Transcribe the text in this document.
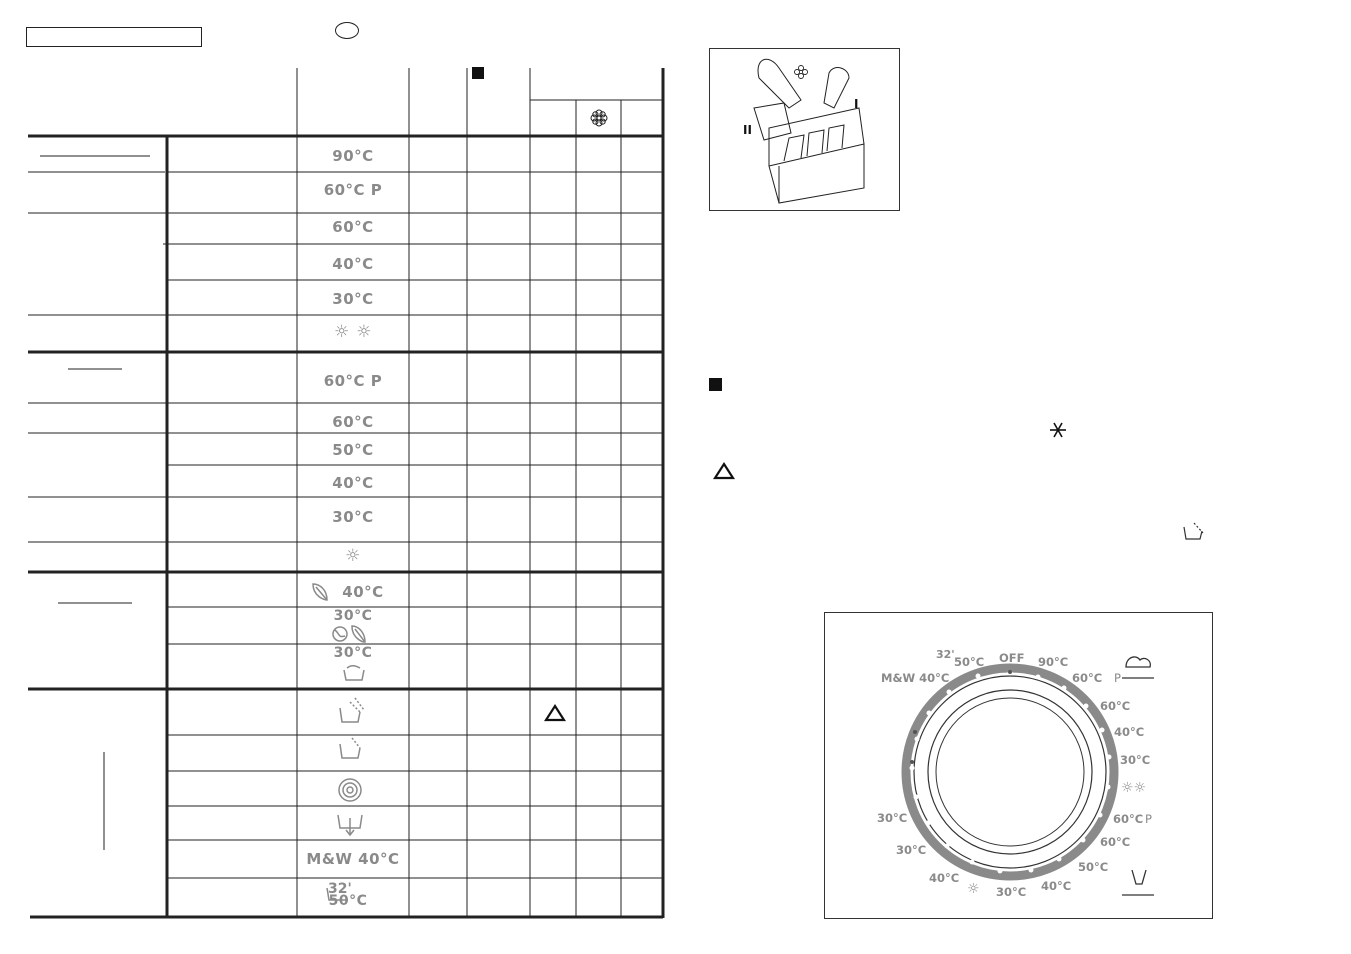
90°C
60°C P
60°C
40°C
30°C
☼ ☼
60°C P
60°C
50°C
40°C
30°C
☼
40°C
30°C
30°C
M&W 40°C
50°C
32'
II
I
32'
50°C OFF 90°C
M&W 40°C	60°C P
60°C
40°C
30°C
☼☼
60°C P
60°C
50°C
40°C
30°C
☼
40°C
30°C
30°C
